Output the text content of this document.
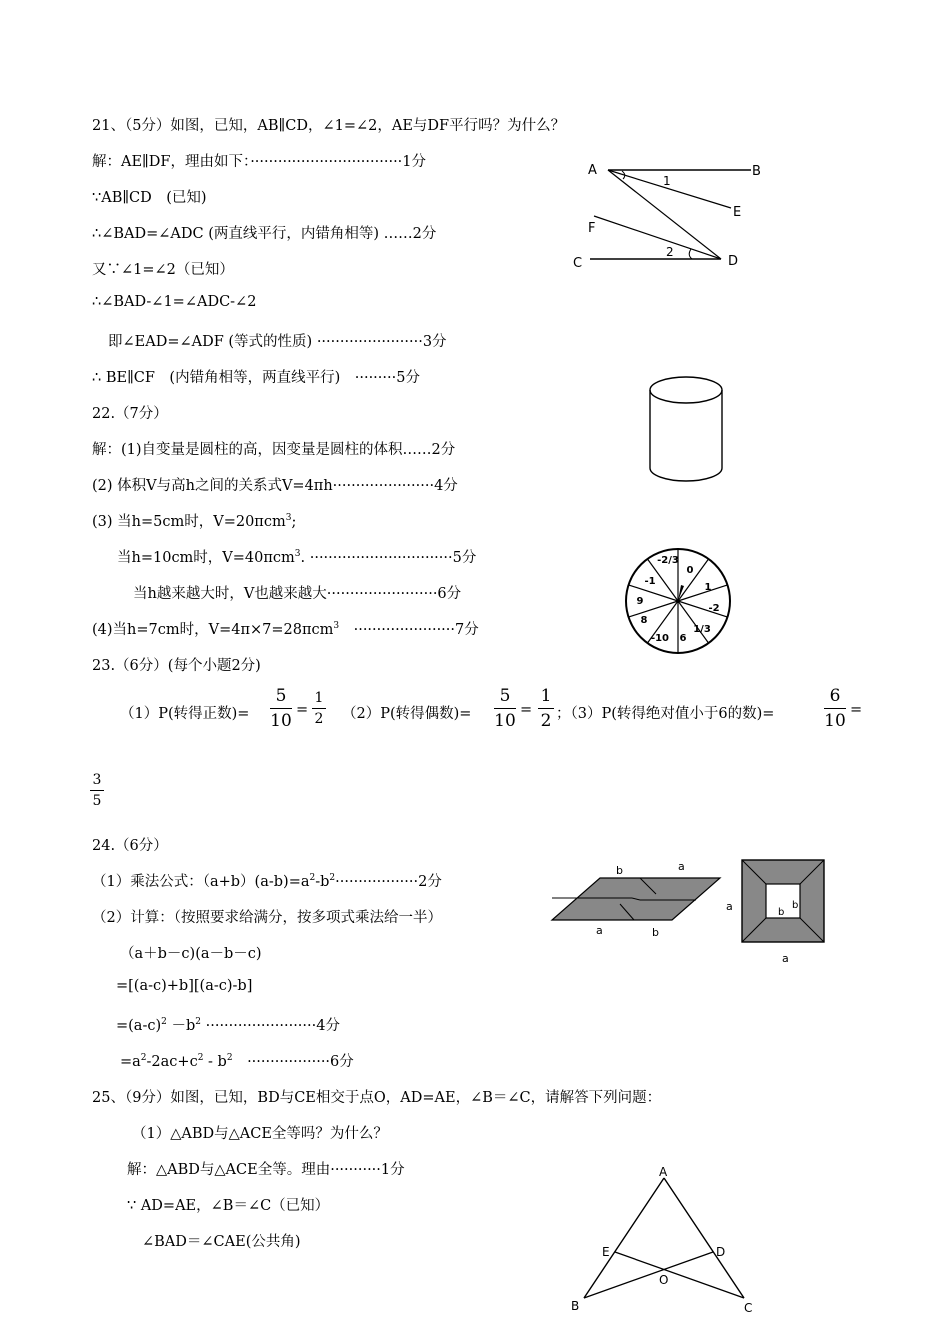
21、（5分）如图，已知，AB∥CD，∠1=∠2，AE与DF平行吗？为什么？
解：AE∥DF，理由如下：·································1分
∵AB∥CD　(已知)
∴∠BAD=∠ADC (两直线平行，内错角相等) ……2分
又∵∠1=∠2（已知）
∴∠BAD-∠1=∠ADC-∠2
即∠EAD=∠ADF (等式的性质) ·······················3分
∴ BE∥CF　(内错角相等，两直线平行)　·········5分
A	B
E
F
C	D
1
2
22.（7分）
解：(1)自变量是圆柱的高，因变量是圆柱的体积……2分
(2) 体积V与高h之间的关系式V=4πh······················4分
(3) 当h=5cm时，V=20πcm$^3$;
当h=10cm时，V=40πcm$^3$. ·······························5分
当h越来越大时，V也越来越大························6分
(4)当h=7cm时，V=4π×7=28πcm$^3$　······················7分
-2/3
0
1
-2
1/3
6
-10
8
9
-1
23.（6分）(每个小题2分)
（1）P(转得正数)=
5
10
=
1
2 （2）P(转得偶数)=
5
10
=
1
2 ；（3）P(转得绝对值小于6的数)=
6
10
=
3
5
24.（6分）
（1）乘法公式：$(a+b)(a-b)=a^2-b^2\cdot\cdot\cdot\cdot\cdot\cdot\cdot\cdot\cdot\cdot\cdot\cdot\cdot\cdot\cdot\cdot\cdot\cdot 2$分
（2）计算：（按照要求给满分，按多项式乘法给一半）
（a＋b－c)(a－b－c)
=[(a-c)+b][(a-c)-b]
$=(a-c)^2 -b^2 \cdot\cdot\cdot\cdot\cdot\cdot\cdot\cdot\cdot\cdot\cdot\cdot\cdot\cdot\cdot\cdot\cdot\cdot\cdot\cdot\cdot\cdot\cdot\cdot 4$分
$=a^2-2ac+c^2 - b^2$　··················6分
b	a
a	b
a
a
b
b
25、（9分）如图，已知，BD与CE相交于点O，AD=AE，∠B＝∠C，请解答下列问题：
（1）△ABD与△ACE全等吗？为什么？
解：△ABD与△ACE全等。理由···········1分
∵ AD=AE，∠B＝∠C（已知）
∠BAD＝∠CAE(公共角)
A
E	D
O
B	C
